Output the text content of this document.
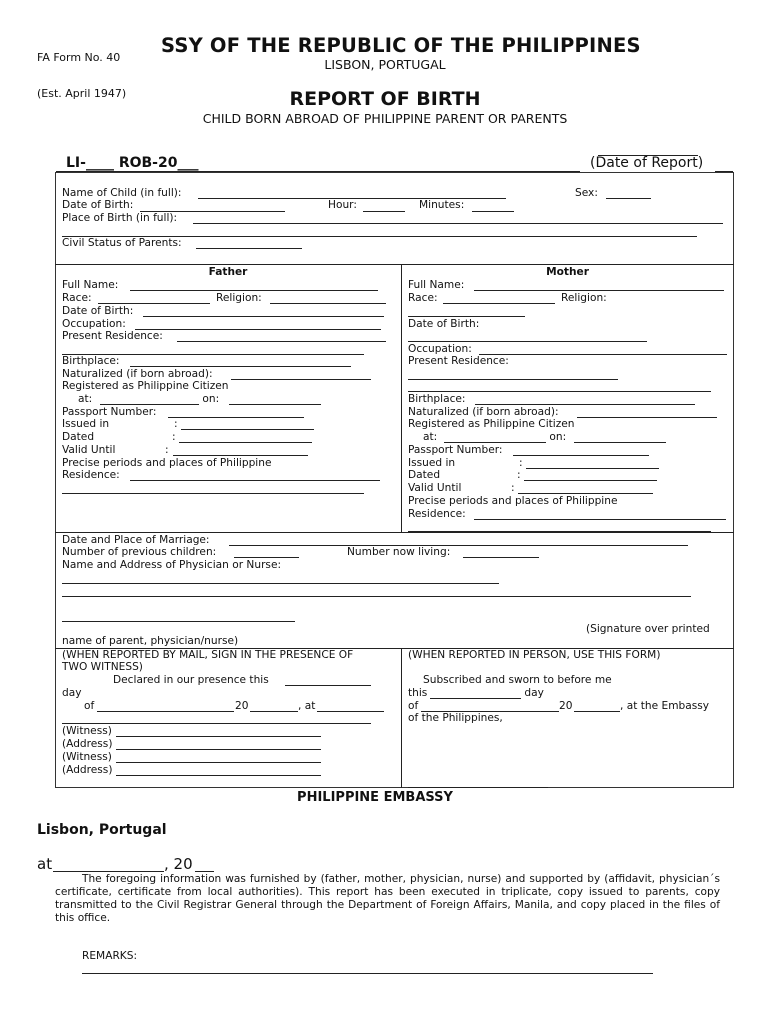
FA Form No. 40

(Est. April 1947)

SSY OF THE REPUBLIC OF THE PHILIPPINES
LISBON, PORTUGAL
REPORT OF BIRTH
CHILD BORN ABROAD OF PHILIPPINE PARENT OR PARENTS
LI-____ ROB-20___	(Date of Report)
Name of Child (in full):	Sex:
Date of Birth:	Hour:	Minutes:
Place of Birth (in full):
Civil Status of Parents:
Father
Full Name:
Race:	Religion:
Date of Birth:
Occupation:
Present Residence:
Birthplace:
Naturalized (if born abroad):
Registered as Philippine Citizen
at:	on:
Passport Number:
Issued in	:
Dated	:
Valid Until	:
Precise periods and places of Philippine
Residence:
Mother
Full Name:
Race:	Religion:
Date of Birth:
Occupation:
Present Residence:
Birthplace:
Naturalized (if born abroad):
Registered as Philippine Citizen
at:	on:
Passport Number:
Issued in	:
Dated	:
Valid Until	:
Precise periods and places of Philippine
Residence:
Date and Place of Marriage:
Number of previous children:	Number now living:
Name and Address of Physician or Nurse:
(Signature over printed
name of parent, physician/nurse)
(WHEN REPORTED BY MAIL, SIGN IN THE PRESENCE OF
TWO WITNESS)
Declared in our presence this
day
of	20	, at
(Witness)
(Address)
(Witness)
(Address)
(WHEN REPORTED IN PERSON, USE THIS FORM)
Subscribed and sworn to before me
this	day
of	20	, at the Embassy
of the Philippines,
PHILIPPINE EMBASSY
Lisbon, Portugal
at	, 20
The foregoing information was furnished by (father, mother, physician, nurse) and supported by (affidavit, physician´s certificate, certificate from local authorities). This report has been executed in triplicate, copy issued to parents, copy transmitted to the Civil Registrar General through the Department of Foreign Affairs, Manila, and copy placed in the files of this office.
REMARKS:
